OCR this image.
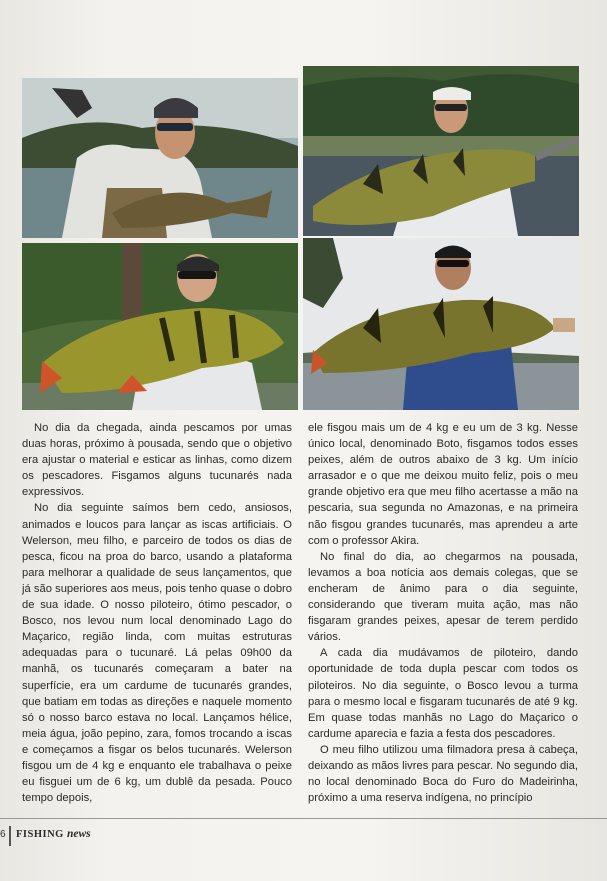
No dia da chegada, ainda pescamos por umas duas horas, próximo à pousada, sendo que o objetivo era ajustar o material e esticar as linhas, como dizem os pescadores. Fisgamos alguns tucunarés nada expressivos.

No dia seguinte saímos bem cedo, ansiosos, animados e loucos para lançar as iscas artificiais. O Welerson, meu filho, e parceiro de todos os dias de pesca, ficou na proa do barco, usando a plataforma para melhorar a qualidade de seus lançamentos, que já são superiores aos meus, pois tenho quase o dobro de sua idade. O nosso piloteiro, ótimo pescador, o Bosco, nos levou num local denominado Lago do Maçarico, região linda, com muitas estruturas adequadas para o tucunaré. Lá pelas 09h00 da manhã, os tucunarés começaram a bater na superfície, era um cardume de tucunarés grandes, que batiam em todas as direções e naquele momento só o nosso barco estava no local. Lançamos hélice, meia água, joão pepino, zara, fomos trocando a iscas e começamos a fisgar os belos tucunarés. Welerson fisgou um de 4 kg e enquanto ele trabalhava o peixe eu fisguei um de 6 kg, um dublê da pesada. Pouco tempo depois,

ele fisgou mais um de 4 kg e eu um de 3 kg. Nesse único local, denominado Boto, fisgamos todos esses peixes, além de outros abaixo de 3 kg. Um início arrasador e o que me deixou muito feliz, pois o meu grande objetivo era que meu filho acertasse a mão na pescaria, sua segunda no Amazonas, e na primeira não fisgou grandes tucunarés, mas aprendeu a arte com o professor Akira.

No final do dia, ao chegarmos na pousada, levamos a boa notícia aos demais colegas, que se encheram de ânimo para o dia seguinte, considerando que tiveram muita ação, mas não fisgaram grandes peixes, apesar de terem perdido vários.

A cada dia mudávamos de piloteiro, dando oportunidade de toda dupla pescar com todos os piloteiros. No dia seguinte, o Bosco levou a turma para o mesmo local e fisgaram tucunarés de até 9 kg. Em quase todas manhãs no Lago do Maçarico o cardume aparecia e fazia a festa dos pescadores.

O meu filho utilizou uma filmadora presa à cabeça, deixando as mãos livres para pescar. No segundo dia, no local denominado Boca do Furo do Madeirinha, próximo a uma reserva indígena, no princípio

6 FISHING news
